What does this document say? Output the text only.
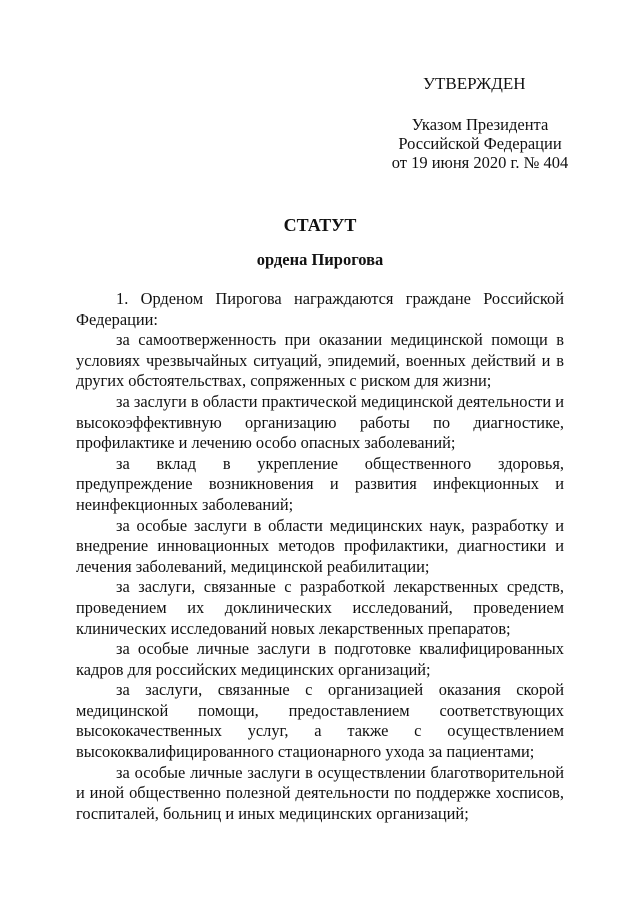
УТВЕРЖДЕН
Указом Президента
Российской Федерации
от 19 июня 2020 г. № 404
СТАТУТ
ордена Пирогова

1. Орденом Пирогова награждаются граждане Российской Федерации:

за самоотверженность при оказании медицинской помощи в условиях чрезвычайных ситуаций, эпидемий, военных действий и в других обстоятельствах, сопряженных с риском для жизни;

за заслуги в области практической медицинской деятельности и высокоэффективную организацию работы по диагностике, профилактике и лечению особо опасных заболеваний;

за вклад в укрепление общественного здоровья, предупреждение возникновения и развития инфекционных и неинфекционных заболеваний;

за особые заслуги в области медицинских наук, разработку и внедрение инновационных методов профилактики, диагностики и лечения заболеваний, медицинской реабилитации;

за заслуги, связанные с разработкой лекарственных средств, проведением их доклинических исследований, проведением клинических исследований новых лекарственных препаратов;

за особые личные заслуги в подготовке квалифицированных кадров для российских медицинских организаций;

за заслуги, связанные с организацией оказания скорой медицинской помощи, предоставлением соответствующих высококачественных услуг, а также с осуществлением высококвалифицированного стационарного ухода за пациентами;

за особые личные заслуги в осуществлении благотворительной и иной общественно полезной деятельности по поддержке хосписов, госпиталей, больниц и иных медицинских организаций;
